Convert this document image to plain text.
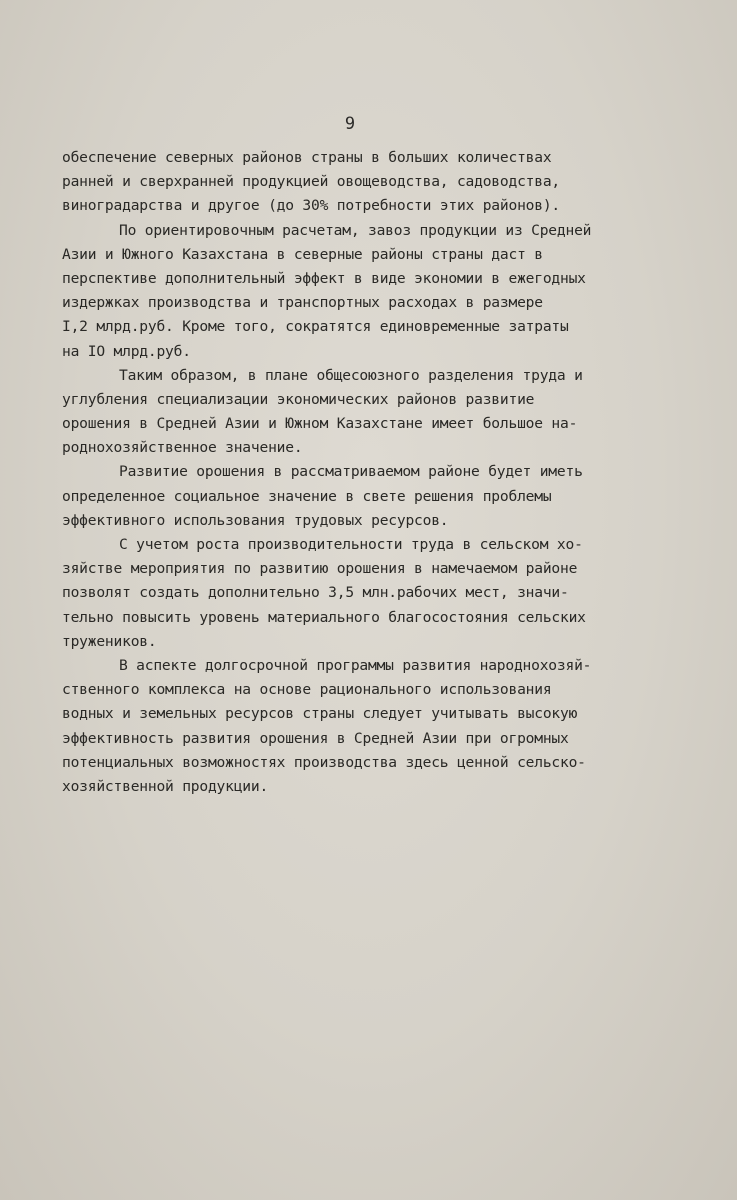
9
обеспечение северных районов страны в больших количествах
ранней и сверхранней продукцией овощеводства, садоводства,
виноградарства и другое (до 30% потребности этих районов).
По ориентировочным расчетам, завоз продукции из Средней
Азии и Южного Казахстана в северные районы страны даст в
перспективе дополнительный эффект в виде экономии в ежегодных
издержках производства и транспортных расходах в размере
I,2 млрд.руб. Кроме того, сократятся единовременные затраты
на IO млрд.руб.
Таким образом, в плане общесоюзного разделения труда и
углубления специализации экономических районов развитие
орошения в Средней Азии и Южном Казахстане имеет большое на-
роднохозяйственное значение.
Развитие орошения в рассматриваемом районе будет иметь
определенное социальное значение в свете решения проблемы
эффективного использования трудовых ресурсов.
С учетом роста производительности труда в сельском хо-
зяйстве мероприятия по развитию орошения в намечаемом районе
позволят создать дополнительно 3,5 млн.рабочих мест, значи-
тельно повысить уровень материального благосостояния сельских
тружеников.
В аспекте долгосрочной программы развития народнохозяй-
ственного комплекса на основе рационального использования
водных и земельных ресурсов страны следует учитывать высокую
эффективность развития орошения в Средней Азии при огромных
потенциальных возможностях производства здесь ценной сельско-
хозяйственной продукции.
